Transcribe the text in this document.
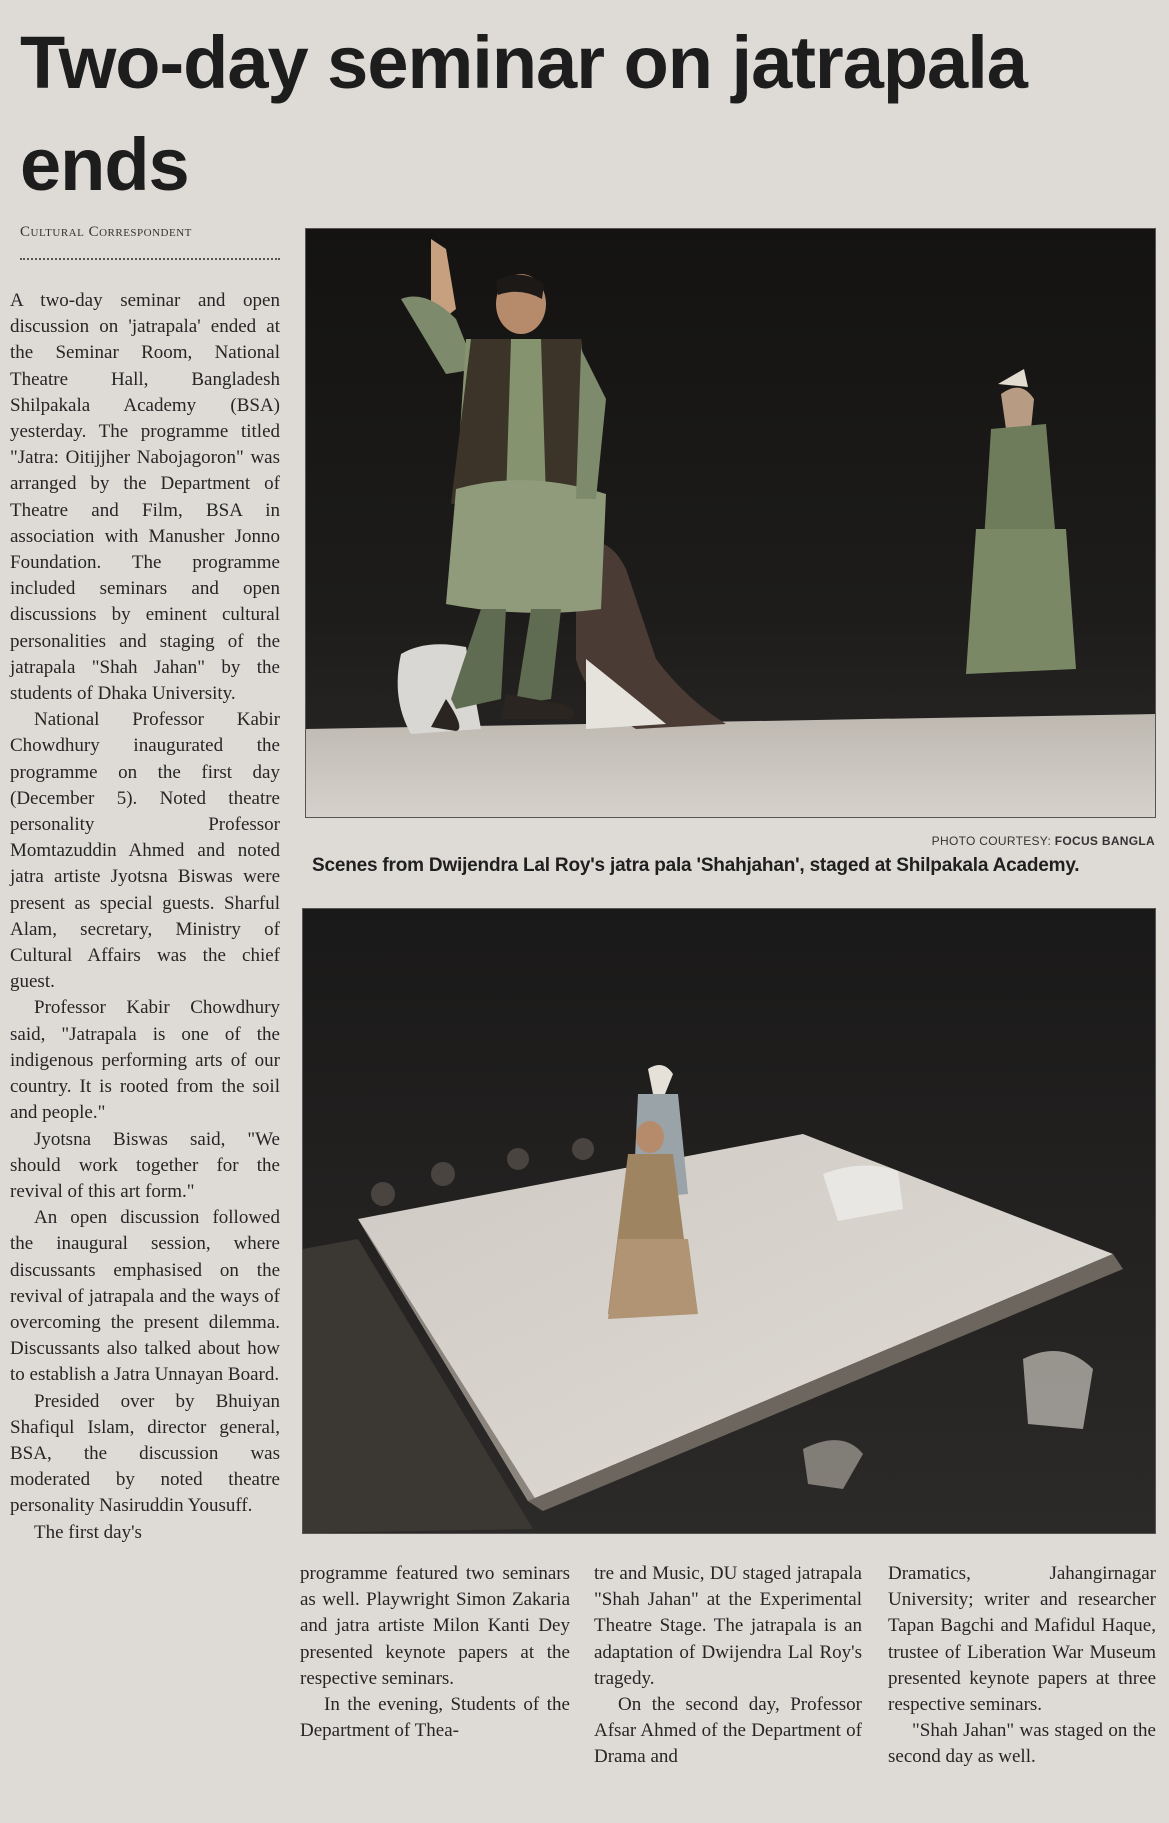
Two-day seminar on jatrapala ends
Cultural Correspondent

A two-day seminar and open discussion on 'jatrapala' ended at the Seminar Room, National Theatre Hall, Bangladesh Shilpakala Academy (BSA) yesterday. The programme titled "Jatra: Oitijjher Nabojagoron" was arranged by the Department of Theatre and Film, BSA in association with Manusher Jonno Foundation. The programme included seminars and open discussions by eminent cultural personalities and staging of the jatrapala "Shah Jahan" by the students of Dhaka University.

National Professor Kabir Chowdhury inaugurated the programme on the first day (December 5). Noted theatre personality Professor Momtazuddin Ahmed and noted jatra artiste Jyotsna Biswas were present as special guests. Sharful Alam, secretary, Ministry of Cultural Affairs was the chief guest.

Professor Kabir Chowdhury said, "Jatrapala is one of the indigenous performing arts of our country. It is rooted from the soil and people."

Jyotsna Biswas said, "We should work together for the revival of this art form."

An open discussion followed the inaugural session, where discussants emphasised on the revival of jatrapala and the ways of overcoming the present dilemma. Discussants also talked about how to establish a Jatra Unnayan Board.

Presided over by Bhuiyan Shafiqul Islam, director general, BSA, the discussion was moderated by noted theatre personality Nasiruddin Yousuff.

The first day's

PHOTO COURTESY: FOCUS BANGLA
Scenes from Dwijendra Lal Roy's jatra pala 'Shahjahan', staged at Shilpakala Academy.

programme featured two seminars as well. Playwright Simon Zakaria and jatra artiste Milon Kanti Dey presented keynote papers at the respective seminars.

In the evening, Students of the Department of Thea-

tre and Music, DU staged jatrapala "Shah Jahan" at the Experimental Theatre Stage. The jatrapala is an adaptation of Dwijendra Lal Roy's tragedy.

On the second day, Professor Afsar Ahmed of the Department of Drama and

Dramatics, Jahangirnagar University; writer and researcher Tapan Bagchi and Mafidul Haque, trustee of Liberation War Museum presented keynote papers at three respective seminars.

"Shah Jahan" was staged on the second day as well.
